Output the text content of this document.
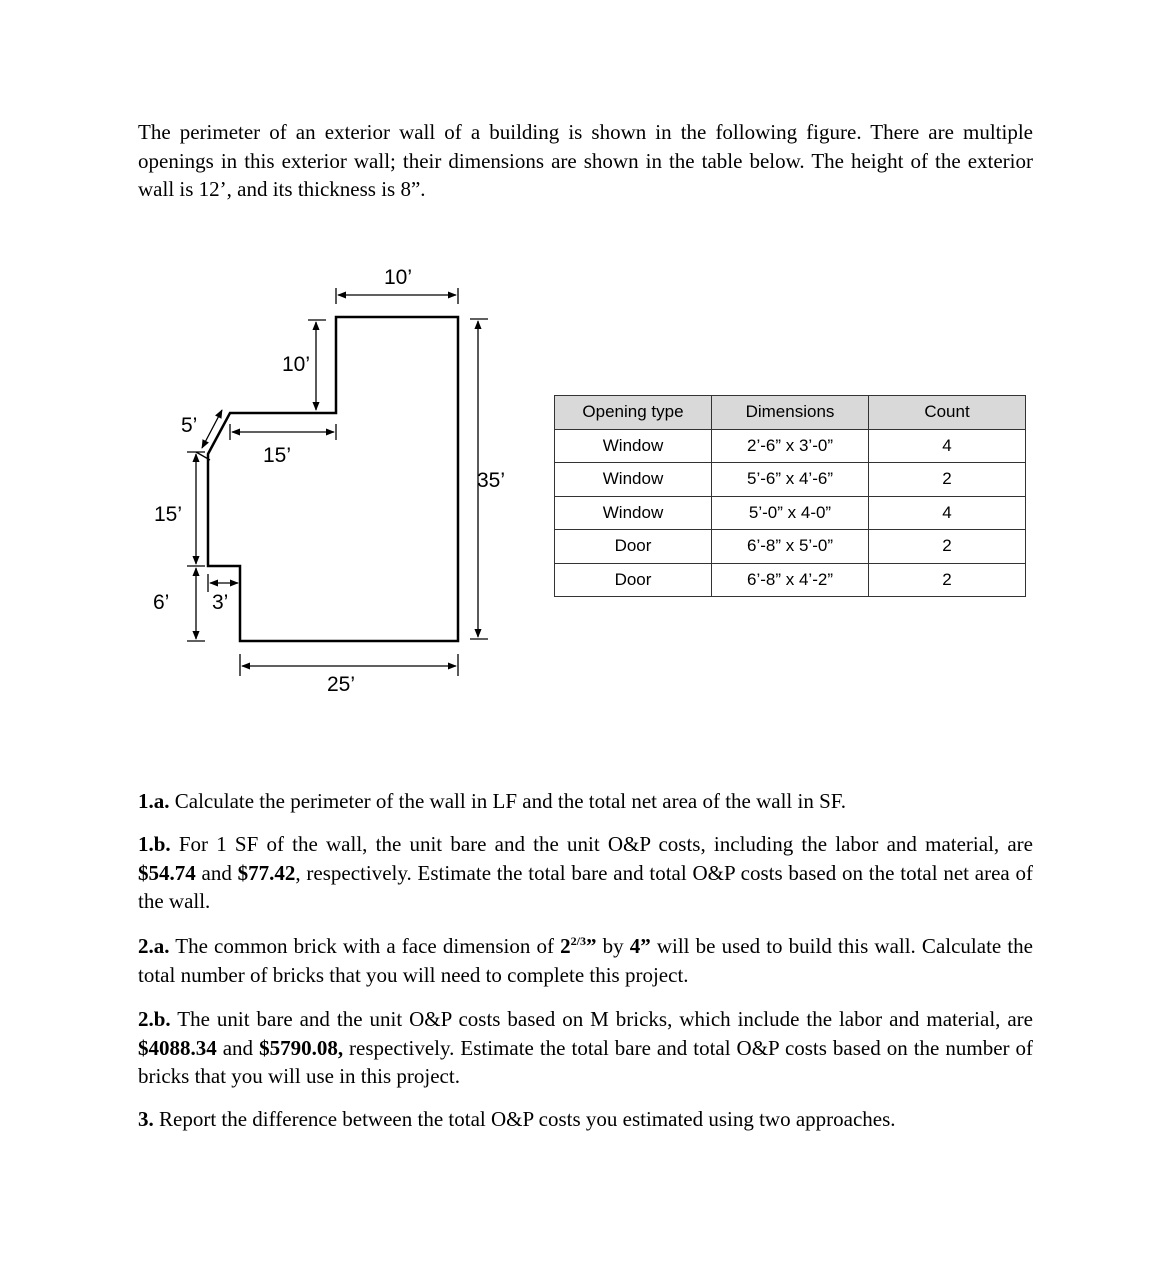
The perimeter of an exterior wall of a building is shown in the following figure. There are multiple openings in this exterior wall; their dimensions are shown in the table below. The height of the exterior wall is 12’, and its thickness is 8”.

10’
10’
15’
5’
35’
15’
6’ 3’
25’
Opening type	Dimensions	Count
Window	2’-6” x 3’-0”	4
Window	5’-6” x 4’-6”	2
Window	5’-0” x 4-0”	4
Door	6’-8” x 5’-0”	2
Door	6’-8” x 4’-2”	2

1.a. Calculate the perimeter of the wall in LF and the total net area of the wall in SF.

1.b. For 1 SF of the wall, the unit bare and the unit O&P costs, including the labor and material, are $54.74 and $77.42, respectively. Estimate the total bare and total O&P costs based on the total net area of the wall.

2.a. The common brick with a face dimension of $2^{2/3}$” by 4” will be used to build this wall. Calculate the total number of bricks that you will need to complete this project.

2.b. The unit bare and the unit O&P costs based on M bricks, which include the labor and material, are $4088.34 and $5790.08, respectively. Estimate the total bare and total O&P costs based on the number of bricks that you will use in this project.

3. Report the difference between the total O&P costs you estimated using two approaches.
